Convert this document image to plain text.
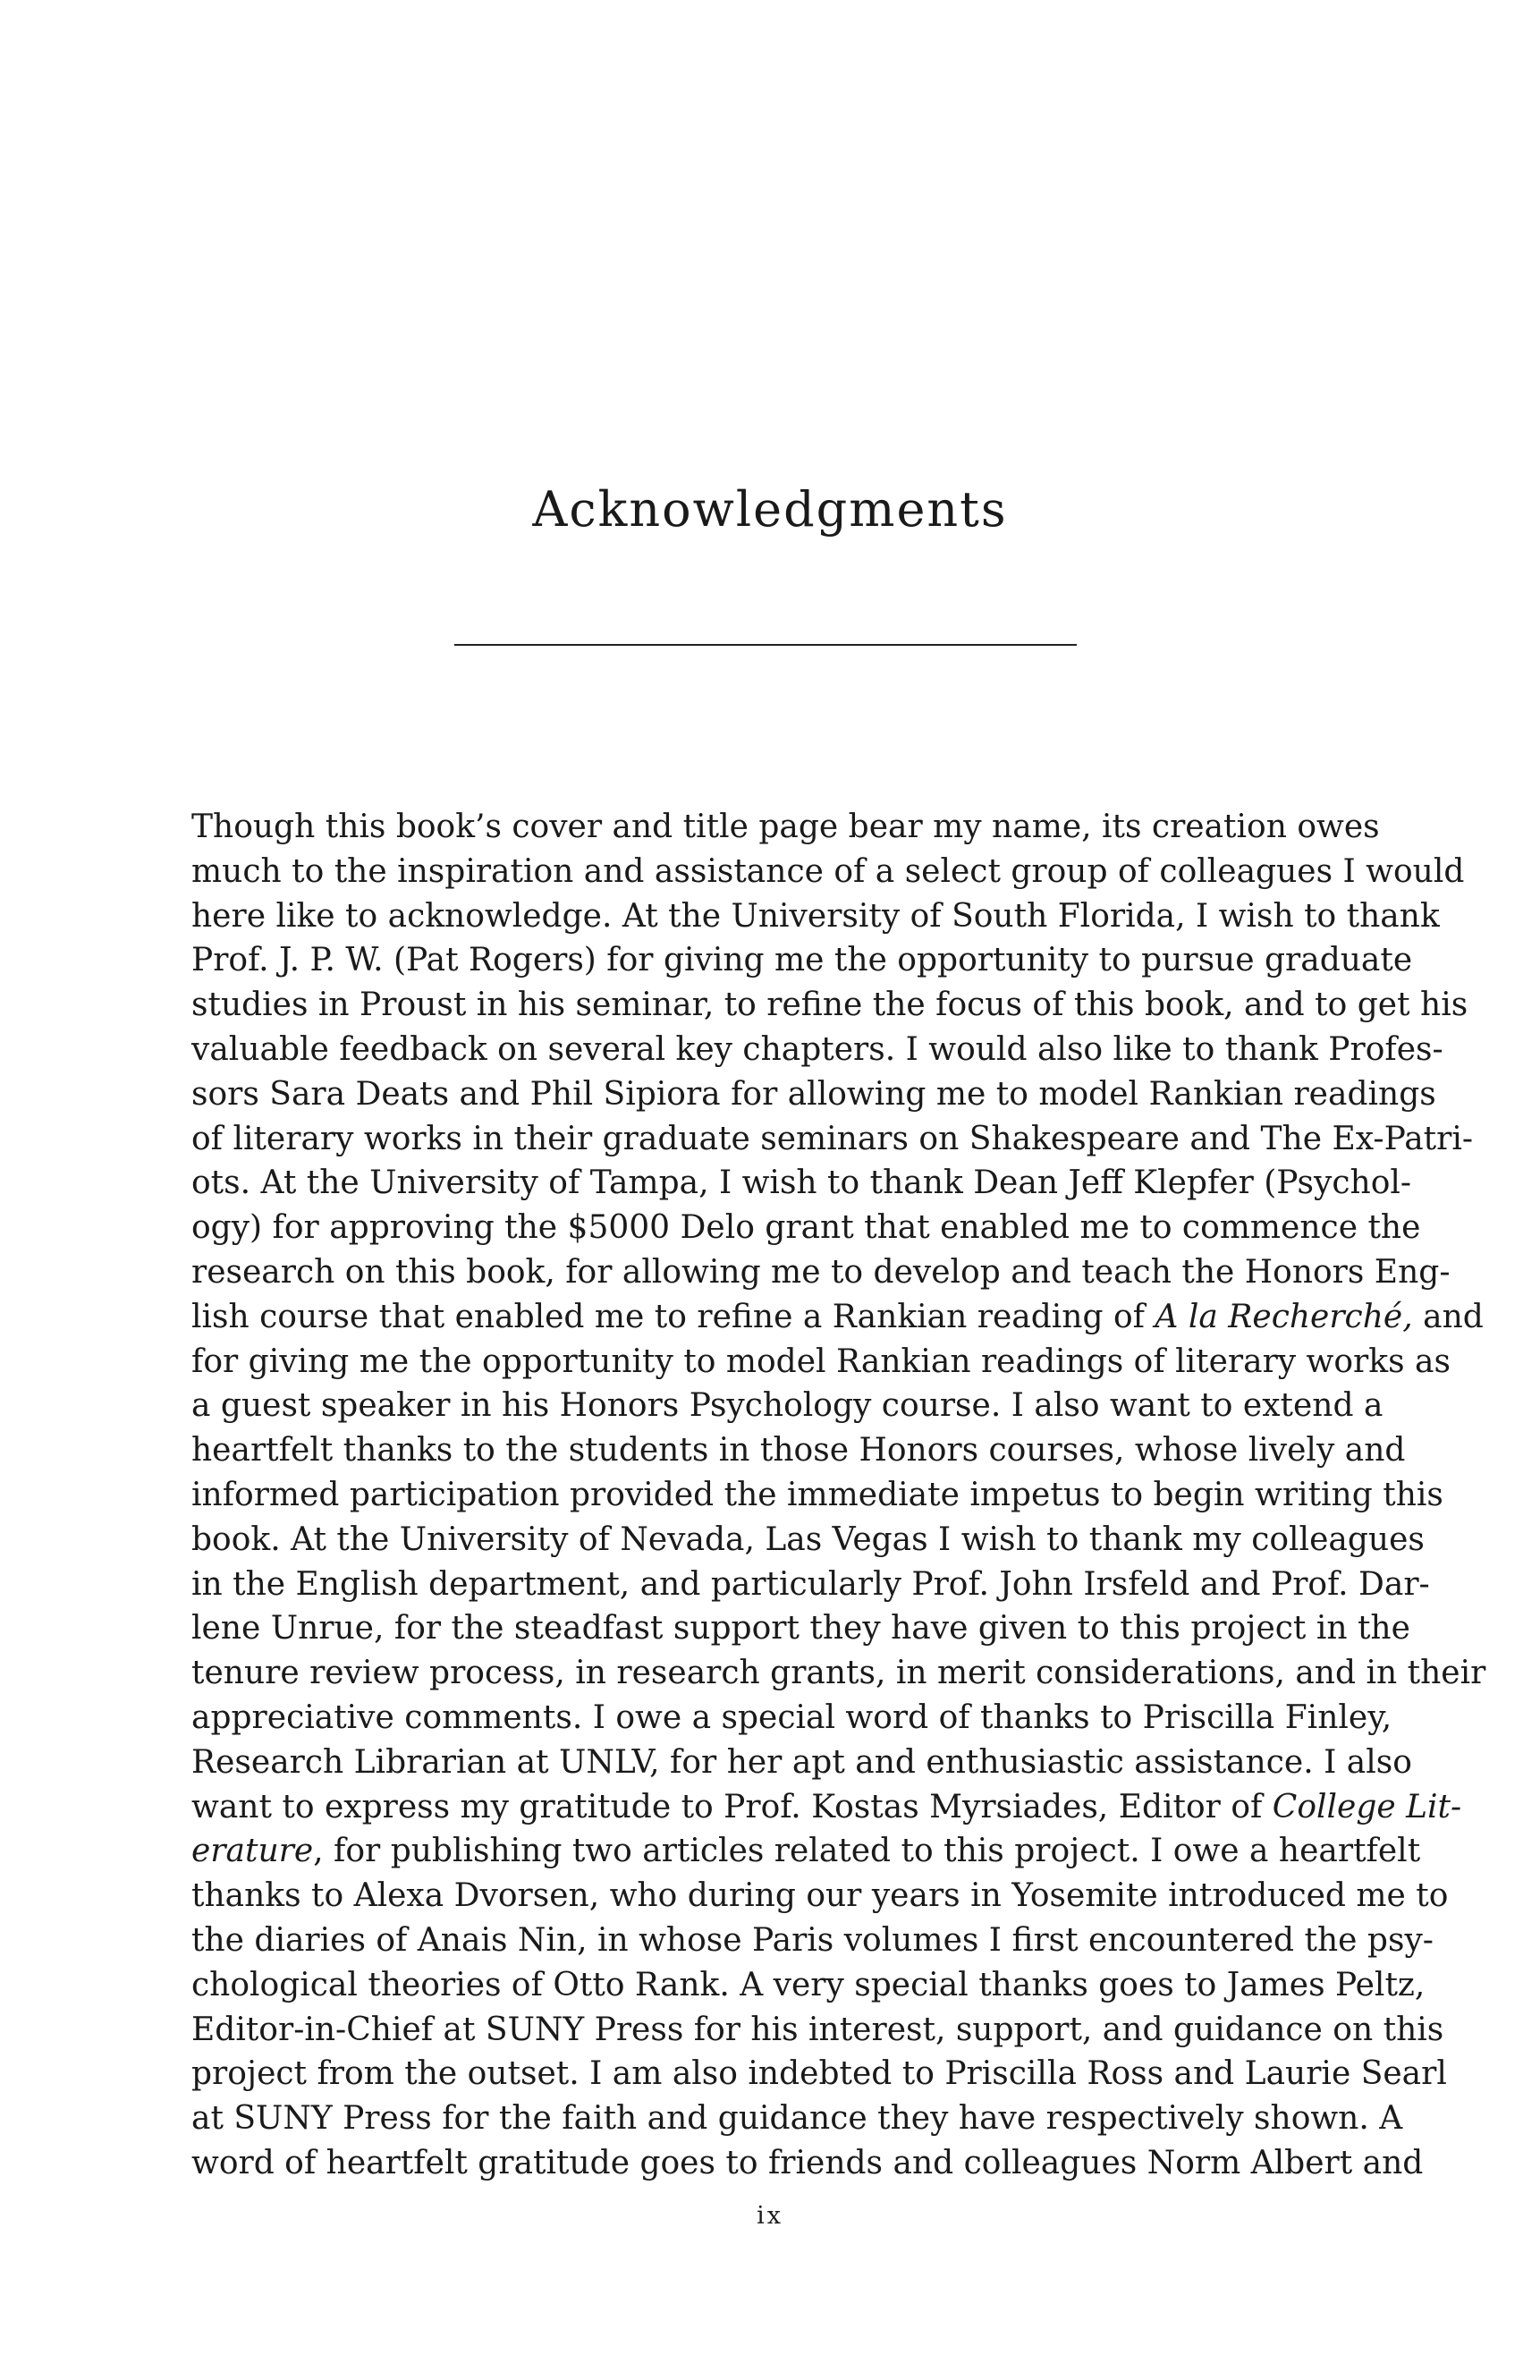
Acknowledgments
Though this book’s cover and title page bear my name, its creation owes
much to the inspiration and assistance of a select group of colleagues I would
here like to acknowledge. At the University of South Florida, I wish to thank
Prof. J. P. W. (Pat Rogers) for giving me the opportunity to pursue graduate
studies in Proust in his seminar, to refine the focus of this book, and to get his
valuable feedback on several key chapters. I would also like to thank Profes-
sors Sara Deats and Phil Sipiora for allowing me to model Rankian readings
of literary works in their graduate seminars on Shakespeare and The Ex-Patri-
ots. At the University of Tampa, I wish to thank Dean Jeff Klepfer (Psychol-
ogy) for approving the $5000 Delo grant that enabled me to commence the
research on this book, for allowing me to develop and teach the Honors Eng-
lish course that enabled me to refine a Rankian reading of A la Recherché, and
for giving me the opportunity to model Rankian readings of literary works as
a guest speaker in his Honors Psychology course. I also want to extend a
heartfelt thanks to the students in those Honors courses, whose lively and
informed participation provided the immediate impetus to begin writing this
book. At the University of Nevada, Las Vegas I wish to thank my colleagues
in the English department, and particularly Prof. John Irsfeld and Prof. Dar-
lene Unrue, for the steadfast support they have given to this project in the
tenure review process, in research grants, in merit considerations, and in their
appreciative comments. I owe a special word of thanks to Priscilla Finley,
Research Librarian at UNLV, for her apt and enthusiastic assistance. I also
want to express my gratitude to Prof. Kostas Myrsiades, Editor of College Lit-
erature, for publishing two articles related to this project. I owe a heartfelt
thanks to Alexa Dvorsen, who during our years in Yosemite introduced me to
the diaries of Anais Nin, in whose Paris volumes I first encountered the psy-
chological theories of Otto Rank. A very special thanks goes to James Peltz,
Editor-in-Chief at SUNY Press for his interest, support, and guidance on this
project from the outset. I am also indebted to Priscilla Ross and Laurie Searl
at SUNY Press for the faith and guidance they have respectively shown. A
word of heartfelt gratitude goes to friends and colleagues Norm Albert and
ix
